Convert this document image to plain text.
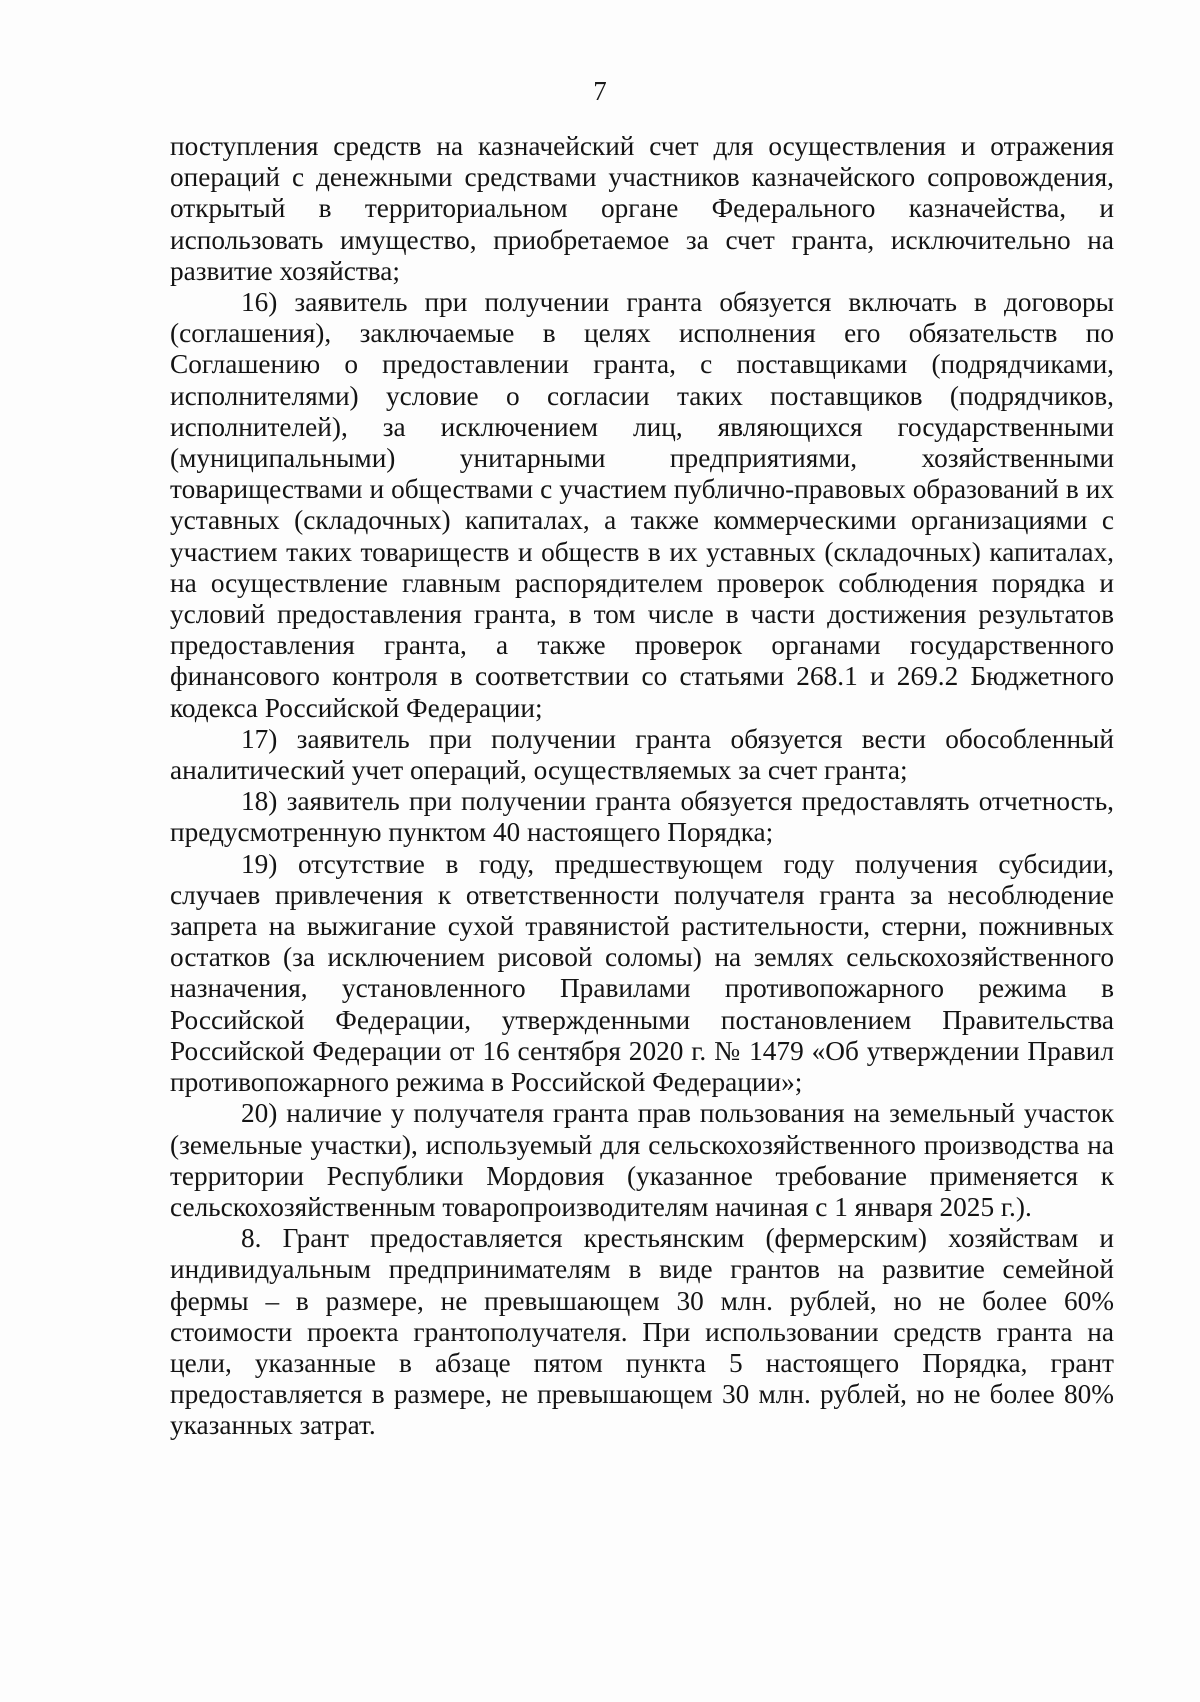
7

поступления средств на казначейский счет для осуществления и отражения операций с денежными средствами участников казначейского сопровождения, открытый в территориальном органе Федерального казначейства, и использовать имущество, приобретаемое за счет гранта, исключительно на развитие хозяйства;

16) заявитель при получении гранта обязуется включать в договоры (соглашения), заключаемые в целях исполнения его обязательств по Соглашению о предоставлении гранта, с поставщиками (подрядчиками, исполнителями) условие о согласии таких поставщиков (подрядчиков, исполнителей), за исключением лиц, являющихся государственными (муниципальными) унитарными предприятиями, хозяйственными товариществами и обществами с участием публично-правовых образований в их уставных (складочных) капиталах, а также коммерческими организациями с участием таких товариществ и обществ в их уставных (складочных) капиталах, на осуществление главным распорядителем проверок соблюдения порядка и условий предоставления гранта, в том числе в части достижения результатов предоставления гранта, а также проверок органами государственного финансового контроля в соответствии со статьями 268.1 и 269.2 Бюджетного кодекса Российской Федерации;

17) заявитель при получении гранта обязуется вести обособленный аналитический учет операций, осуществляемых за счет гранта;

18) заявитель при получении гранта обязуется предоставлять отчетность, предусмотренную пунктом 40 настоящего Порядка;

19) отсутствие в году, предшествующем году получения субсидии, случаев привлечения к ответственности получателя гранта за несоблюдение запрета на выжигание сухой травянистой растительности, стерни, пожнивных остатков (за исключением рисовой соломы) на землях сельскохозяйственного назначения, установленного Правилами противопожарного режима в Российской Федерации, утвержденными постановлением Правительства Российской Федерации от 16 сентября 2020 г. № 1479 «Об утверждении Правил противопожарного режима в Российской Федерации»;

20) наличие у получателя гранта прав пользования на земельный участок (земельные участки), используемый для сельскохозяйственного производства на территории Республики Мордовия (указанное требование применяется к сельскохозяйственным товаропроизводителям начиная с 1 января 2025 г.).

8. Грант предоставляется крестьянским (фермерским) хозяйствам и индивидуальным предпринимателям в виде грантов на развитие семейной фермы – в размере, не превышающем 30 млн. рублей, но не более 60% стоимости проекта грантополучателя. При использовании средств гранта на цели, указанные в абзаце пятом пункта 5 настоящего Порядка, грант предоставляется в размере, не превышающем 30 млн. рублей, но не более 80% указанных затрат.
